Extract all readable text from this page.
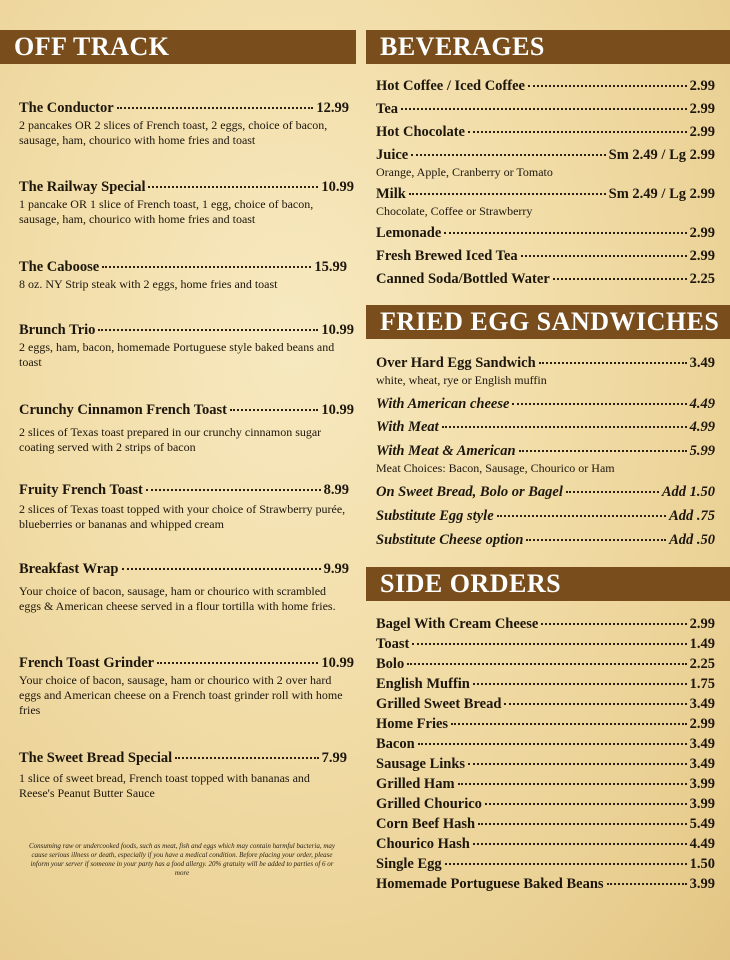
OFF TRACK
The Conductor	12.99
2 pancakes OR 2 slices of French toast, 2 eggs, choice of bacon, sausage, ham, chourico with home fries and toast
The Railway Special	10.99
1 pancake OR 1 slice of French toast, 1 egg, choice of bacon, sausage, ham, chourico with home fries and toast
The Caboose	15.99
8 oz. NY Strip steak with 2 eggs, home fries and toast
Brunch Trio	10.99
2 eggs, ham, bacon, homemade Portuguese style baked beans and toast
Crunchy Cinnamon French Toast	10.99
2 slices of Texas toast prepared in our crunchy cinnamon sugar coating served with 2 strips of bacon
Fruity French Toast	8.99
2 slices of Texas toast topped with your choice of Strawberry purée, blueberries or bananas and whipped cream
Breakfast Wrap	9.99
Your choice of bacon, sausage, ham or chourico with scrambled eggs & American cheese served in a flour tortilla with home fries.
French Toast Grinder	10.99
Your choice of bacon, sausage, ham or chourico with 2 over hard eggs and American cheese on a French toast grinder roll with home fries
The Sweet Bread Special	7.99
1 slice of sweet bread, French toast topped with bananas and Reese's Peanut Butter Sauce
Consuming raw or undercooked foods, such as meat, fish and eggs which may contain harmful bacteria, may cause serious illness or death, especially if you have a medical condition. Before placing your order, please inform your server if someone in your party has a food allergy. 20% gratuity will be added to parties of 6 or more
BEVERAGES
Hot Coffee / Iced Coffee	2.99
Tea	2.99
Hot Chocolate	2.99
Juice	Sm 2.49 / Lg 2.99
Orange, Apple, Cranberry or Tomato
Milk	Sm 2.49 / Lg 2.99
Chocolate, Coffee or Strawberry
Lemonade	2.99
Fresh Brewed Iced Tea	2.99
Canned Soda/Bottled Water	2.25
FRIED EGG SANDWICHES
Over Hard Egg Sandwich	3.49
white, wheat, rye or English muffin
With American cheese	4.49
With Meat	4.99
With Meat & American	5.99
Meat Choices: Bacon, Sausage, Chourico or Ham
On Sweet Bread, Bolo or Bagel	Add 1.50
Substitute Egg style	Add .75
Substitute Cheese option	Add .50
SIDE ORDERS
Bagel With Cream Cheese	2.99
Toast	1.49
Bolo	2.25
English Muffin	1.75
Grilled Sweet Bread	3.49
Home Fries	2.99
Bacon	3.49
Sausage Links	3.49
Grilled Ham	3.99
Grilled Chourico	3.99
Corn Beef Hash	5.49
Chourico Hash	4.49
Single Egg	1.50
Homemade Portuguese Baked Beans	3.99
